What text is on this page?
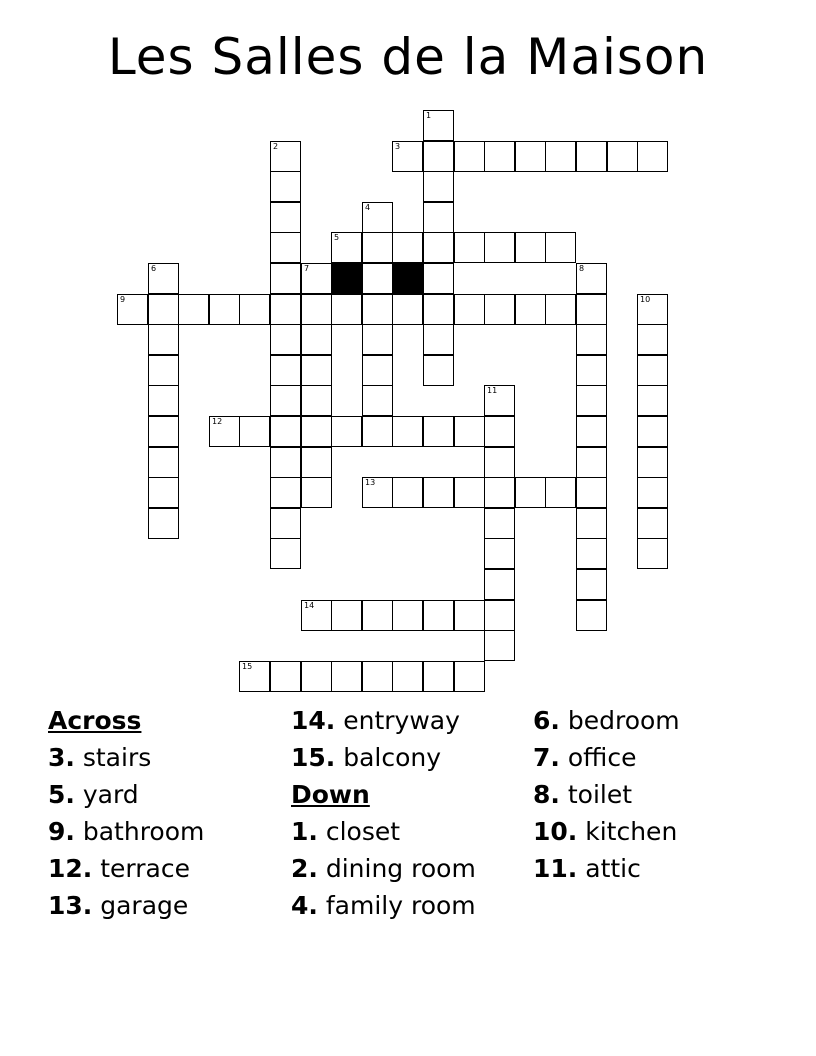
Les Salles de la Maison
1
2	3
4
5
6	7	8
9	10
11
12
13
14
15
Across
3. stairs
5. yard
9. bathroom
12. terrace
13. garage
14. entryway
15. balcony
Down
1. closet
2. dining room
4. family room
6. bedroom
7. office
8. toilet
10. kitchen
11. attic
